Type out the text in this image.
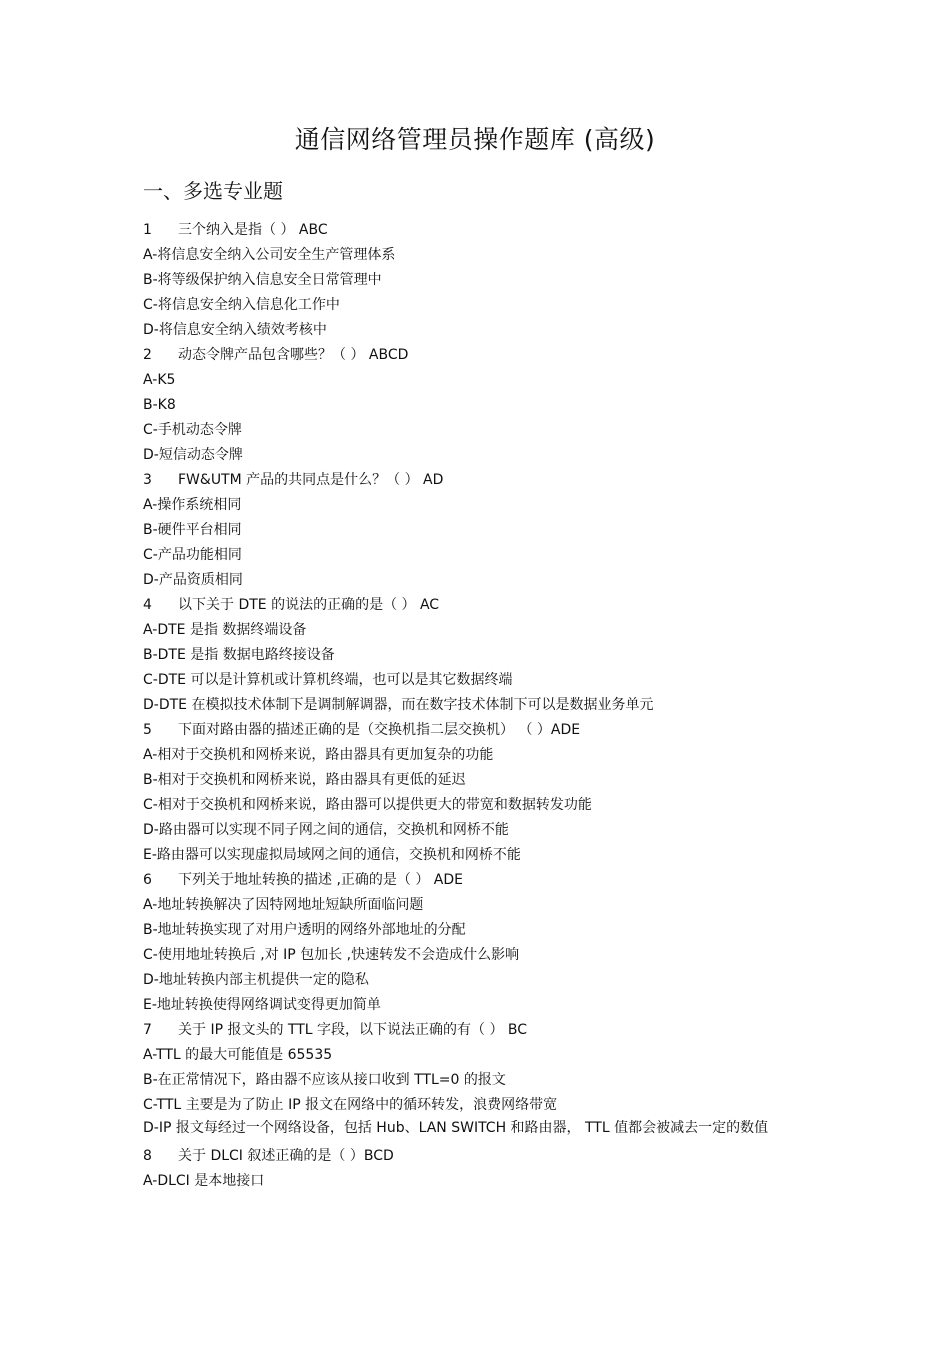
通信网络管理员操作题库 (高级)
一、多选专业题
1 三个纳入是指（ ） ABC
A-将信息安全纳入公司安全生产管理体系
B-将等级保护纳入信息安全日常管理中
C-将信息安全纳入信息化工作中
D-将信息安全纳入绩效考核中
2 动态令牌产品包含哪些？（ ） ABCD
A-K5
B-K8
C-手机动态令牌
D-短信动态令牌
3 FW&UTM 产品的共同点是什么？（ ） AD
A-操作系统相同
B-硬件平台相同
C-产品功能相同
D-产品资质相同
4 以下关于 DTE 的说法的正确的是（ ） AC
A-DTE 是指 数据终端设备
B-DTE 是指 数据电路终接设备
C-DTE 可以是计算机或计算机终端，也可以是其它数据终端
D-DTE 在模拟技术体制下是调制解调器，而在数字技术体制下可以是数据业务单元
5 下面对路由器的描述正确的是（交换机指二层交换机） （ ）ADE
A-相对于交换机和网桥来说，路由器具有更加复杂的功能
B-相对于交换机和网桥来说，路由器具有更低的延迟
C-相对于交换机和网桥来说，路由器可以提供更大的带宽和数据转发功能
D-路由器可以实现不同子网之间的通信，交换机和网桥不能
E-路由器可以实现虚拟局域网之间的通信，交换机和网桥不能
6 下列关于地址转换的描述 ,正确的是（ ） ADE
A-地址转换解决了因特网地址短缺所面临问题
B-地址转换实现了对用户透明的网络外部地址的分配
C-使用地址转换后 ,对 IP 包加长 ,快速转发不会造成什么影响
D-地址转换内部主机提供一定的隐私
E-地址转换使得网络调试变得更加简单
7 关于 IP 报文头的 TTL 字段，以下说法正确的有（ ） BC
A-TTL 的最大可能值是 65535
B-在正常情况下，路由器不应该从接口收到 TTL=0 的报文
C-TTL 主要是为了防止 IP 报文在网络中的循环转发，浪费网络带宽
D-IP 报文每经过一个网络设备，包括 Hub、LAN SWITCH 和路由器， TTL 值都会被减去一定的数值
8 关于 DLCI 叙述正确的是（ ）BCD
A-DLCI 是本地接口
